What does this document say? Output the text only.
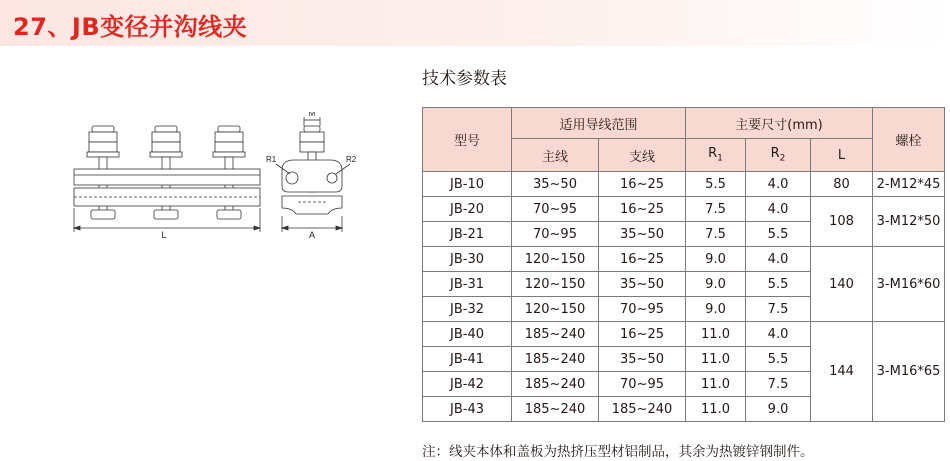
27、JB变径并沟线夹
L	A
M
R1	R2
技术参数表
型号	适用导线范围		主要尺寸(mm)			螺栓
	主线	支线	$R_1$	$R_2$	L	
JB-10	35~50	16~25	5.5	4.0	80	2-M12*45
JB-20	70~95	16~25	7.5	4.0	108	3-M12*50
JB-21	70~95	35~50	7.5	5.5		
JB-30	120~150	16~25	9.0	4.0	140	3-M16*60
JB-31	120~150	35~50	9.0	5.5		
JB-32	120~150	70~95	9.0	7.5		
JB-40	185~240	16~25	11.0	4.0	144	3-M16*65
JB-41	185~240	35~50	11.0	5.5		
JB-42	185~240	70~95	11.0	7.5		
JB-43	185~240	185~240	11.0	9.0		
注：线夹本体和盖板为热挤压型材铝制品，其余为热镀锌钢制件。
